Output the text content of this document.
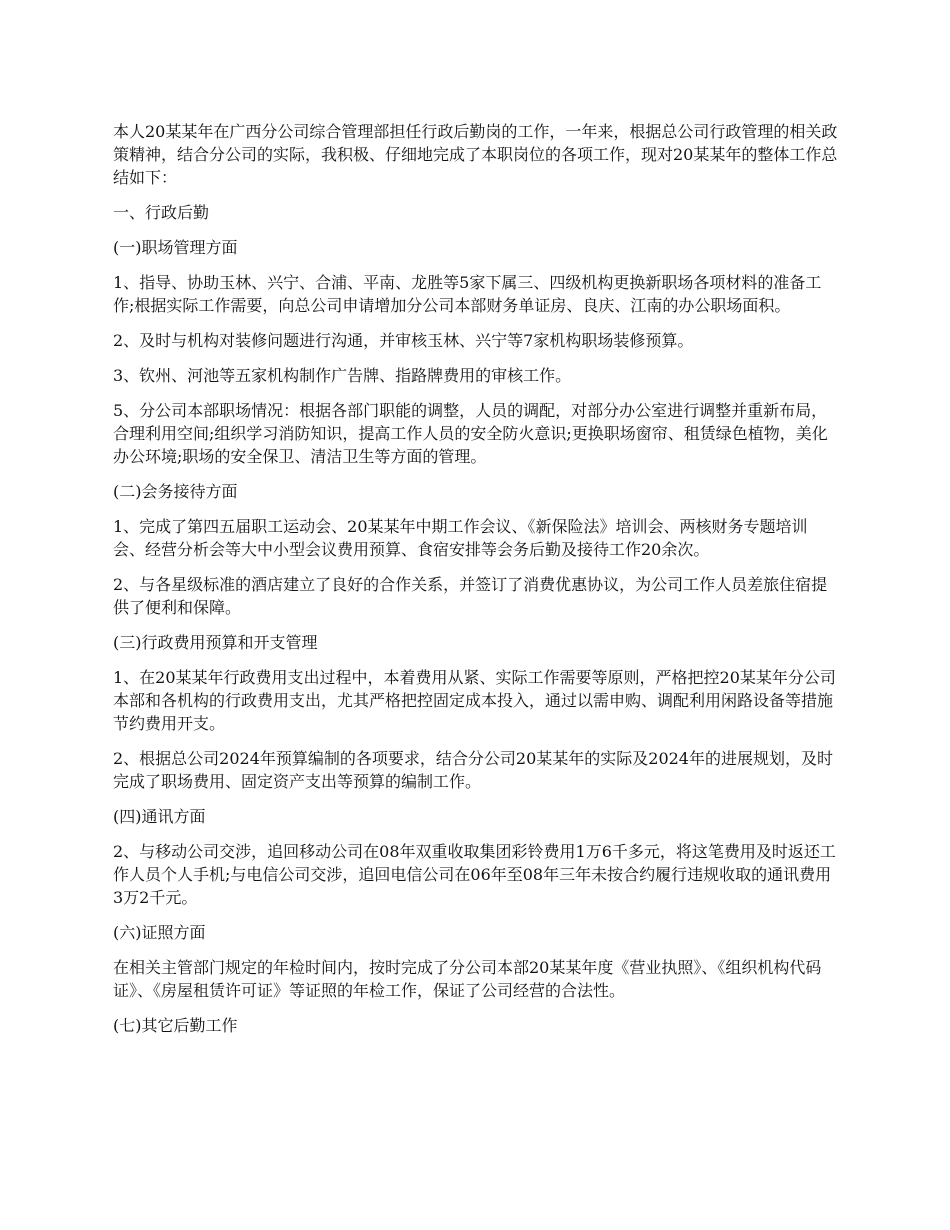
本人20某某年在广西分公司综合管理部担任行政后勤岗的工作，一年来，根据总公司行政管理的相关政策精神，结合分公司的实际，我积极、仔细地完成了本职岗位的各项工作，现对20某某年的整体工作总结如下：

一、行政后勤

(一)职场管理方面

1、指导、协助玉林、兴宁、合浦、平南、龙胜等5家下属三、四级机构更换新职场各项材料的准备工作;根据实际工作需要，向总公司申请增加分公司本部财务单证房、良庆、江南的办公职场面积。

2、及时与机构对装修问题进行沟通，并审核玉林、兴宁等7家机构职场装修预算。

3、钦州、河池等五家机构制作广告牌、指路牌费用的审核工作。

5、分公司本部职场情况：根据各部门职能的调整，人员的调配，对部分办公室进行调整并重新布局，合理利用空间;组织学习消防知识，提高工作人员的安全防火意识;更换职场窗帘、租赁绿色植物，美化办公环境;职场的安全保卫、清洁卫生等方面的管理。

(二)会务接待方面

1、完成了第四五届职工运动会、20某某年中期工作会议、《新保险法》培训会、两核财务专题培训会、经营分析会等大中小型会议费用预算、食宿安排等会务后勤及接待工作20余次。

2、与各星级标准的酒店建立了良好的合作关系，并签订了消费优惠协议，为公司工作人员差旅住宿提供了便利和保障。

(三)行政费用预算和开支管理

1、在20某某年行政费用支出过程中，本着费用从紧、实际工作需要等原则，严格把控20某某年分公司本部和各机构的行政费用支出，尤其严格把控固定成本投入，通过以需申购、调配利用闲路设备等措施节约费用开支。

2、根据总公司2024年预算编制的各项要求，结合分公司20某某年的实际及2024年的进展规划，及时完成了职场费用、固定资产支出等预算的编制工作。

(四)通讯方面

2、与移动公司交涉，追回移动公司在08年双重收取集团彩铃费用1万6千多元，将这笔费用及时返还工作人员个人手机;与电信公司交涉，追回电信公司在06年至08年三年未按合约履行违规收取的通讯费用3万2千元。

(六)证照方面

在相关主管部门规定的年检时间内，按时完成了分公司本部20某某年度《营业执照》、《组织机构代码证》、《房屋租赁许可证》等证照的年检工作，保证了公司经营的合法性。

(七)其它后勤工作
